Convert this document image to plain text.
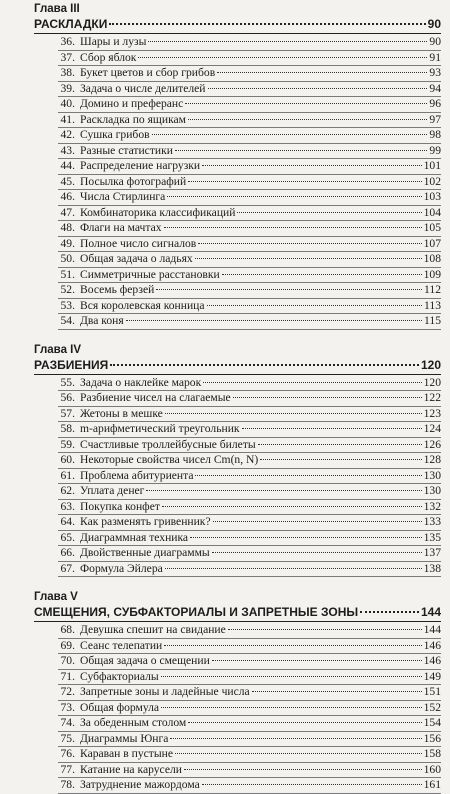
Глава III
РАСКЛАДКИ	90
36. Шары и лузы	90
37. Сбор яблок	91
38. Букет цветов и сбор грибов	93
39. Задача о числе делителей	94
40. Домино и преферанс	96
41. Раскладка по ящикам	97
42. Сушка грибов	98
43. Разные статистики	99
44. Распределение нагрузки	101
45. Посылка фотографий	102
46. Числа Стирлинга	103
47. Комбинаторика классификаций	104
48. Флаги на мачтах	105
49. Полное число сигналов	107
50. Общая задача о ладьях	108
51. Симметричные расстановки	109
52. Восемь ферзей	112
53. Вся королевская конница	113
54. Два коня	115
Глава IV
РАЗБИЕНИЯ	120
55. Задача о наклейке марок	120
56. Разбиение чисел на слагаемые	122
57. Жетоны в мешке	123
58. m-арифметический треугольник	124
59. Счастливые троллейбусные билеты	126
60. Некоторые свойства чисел Cm(n, N)	128
61. Проблема абитуриента	130
62. Уплата денег	130
63. Покупка конфет	132
64. Как разменять гривенник?	133
65. Диаграммная техника	135
66. Двойственные диаграммы	137
67. Формула Эйлера	138
Глава V
СМЕЩЕНИЯ, СУБФАКТОРИАЛЫ И ЗАПРЕТНЫЕ ЗОНЫ	144
68. Девушка спешит на свидание	144
69. Сеанс телепатии	146
70. Общая задача о смещении	146
71. Субфакториалы	149
72. Запретные зоны и ладейные числа	151
73. Общая формула	152
74. За обеденным столом	154
75. Диаграммы Юнга	156
76. Караван в пустыне	158
77. Катание на карусели	160
78. Затруднение мажордома	161
